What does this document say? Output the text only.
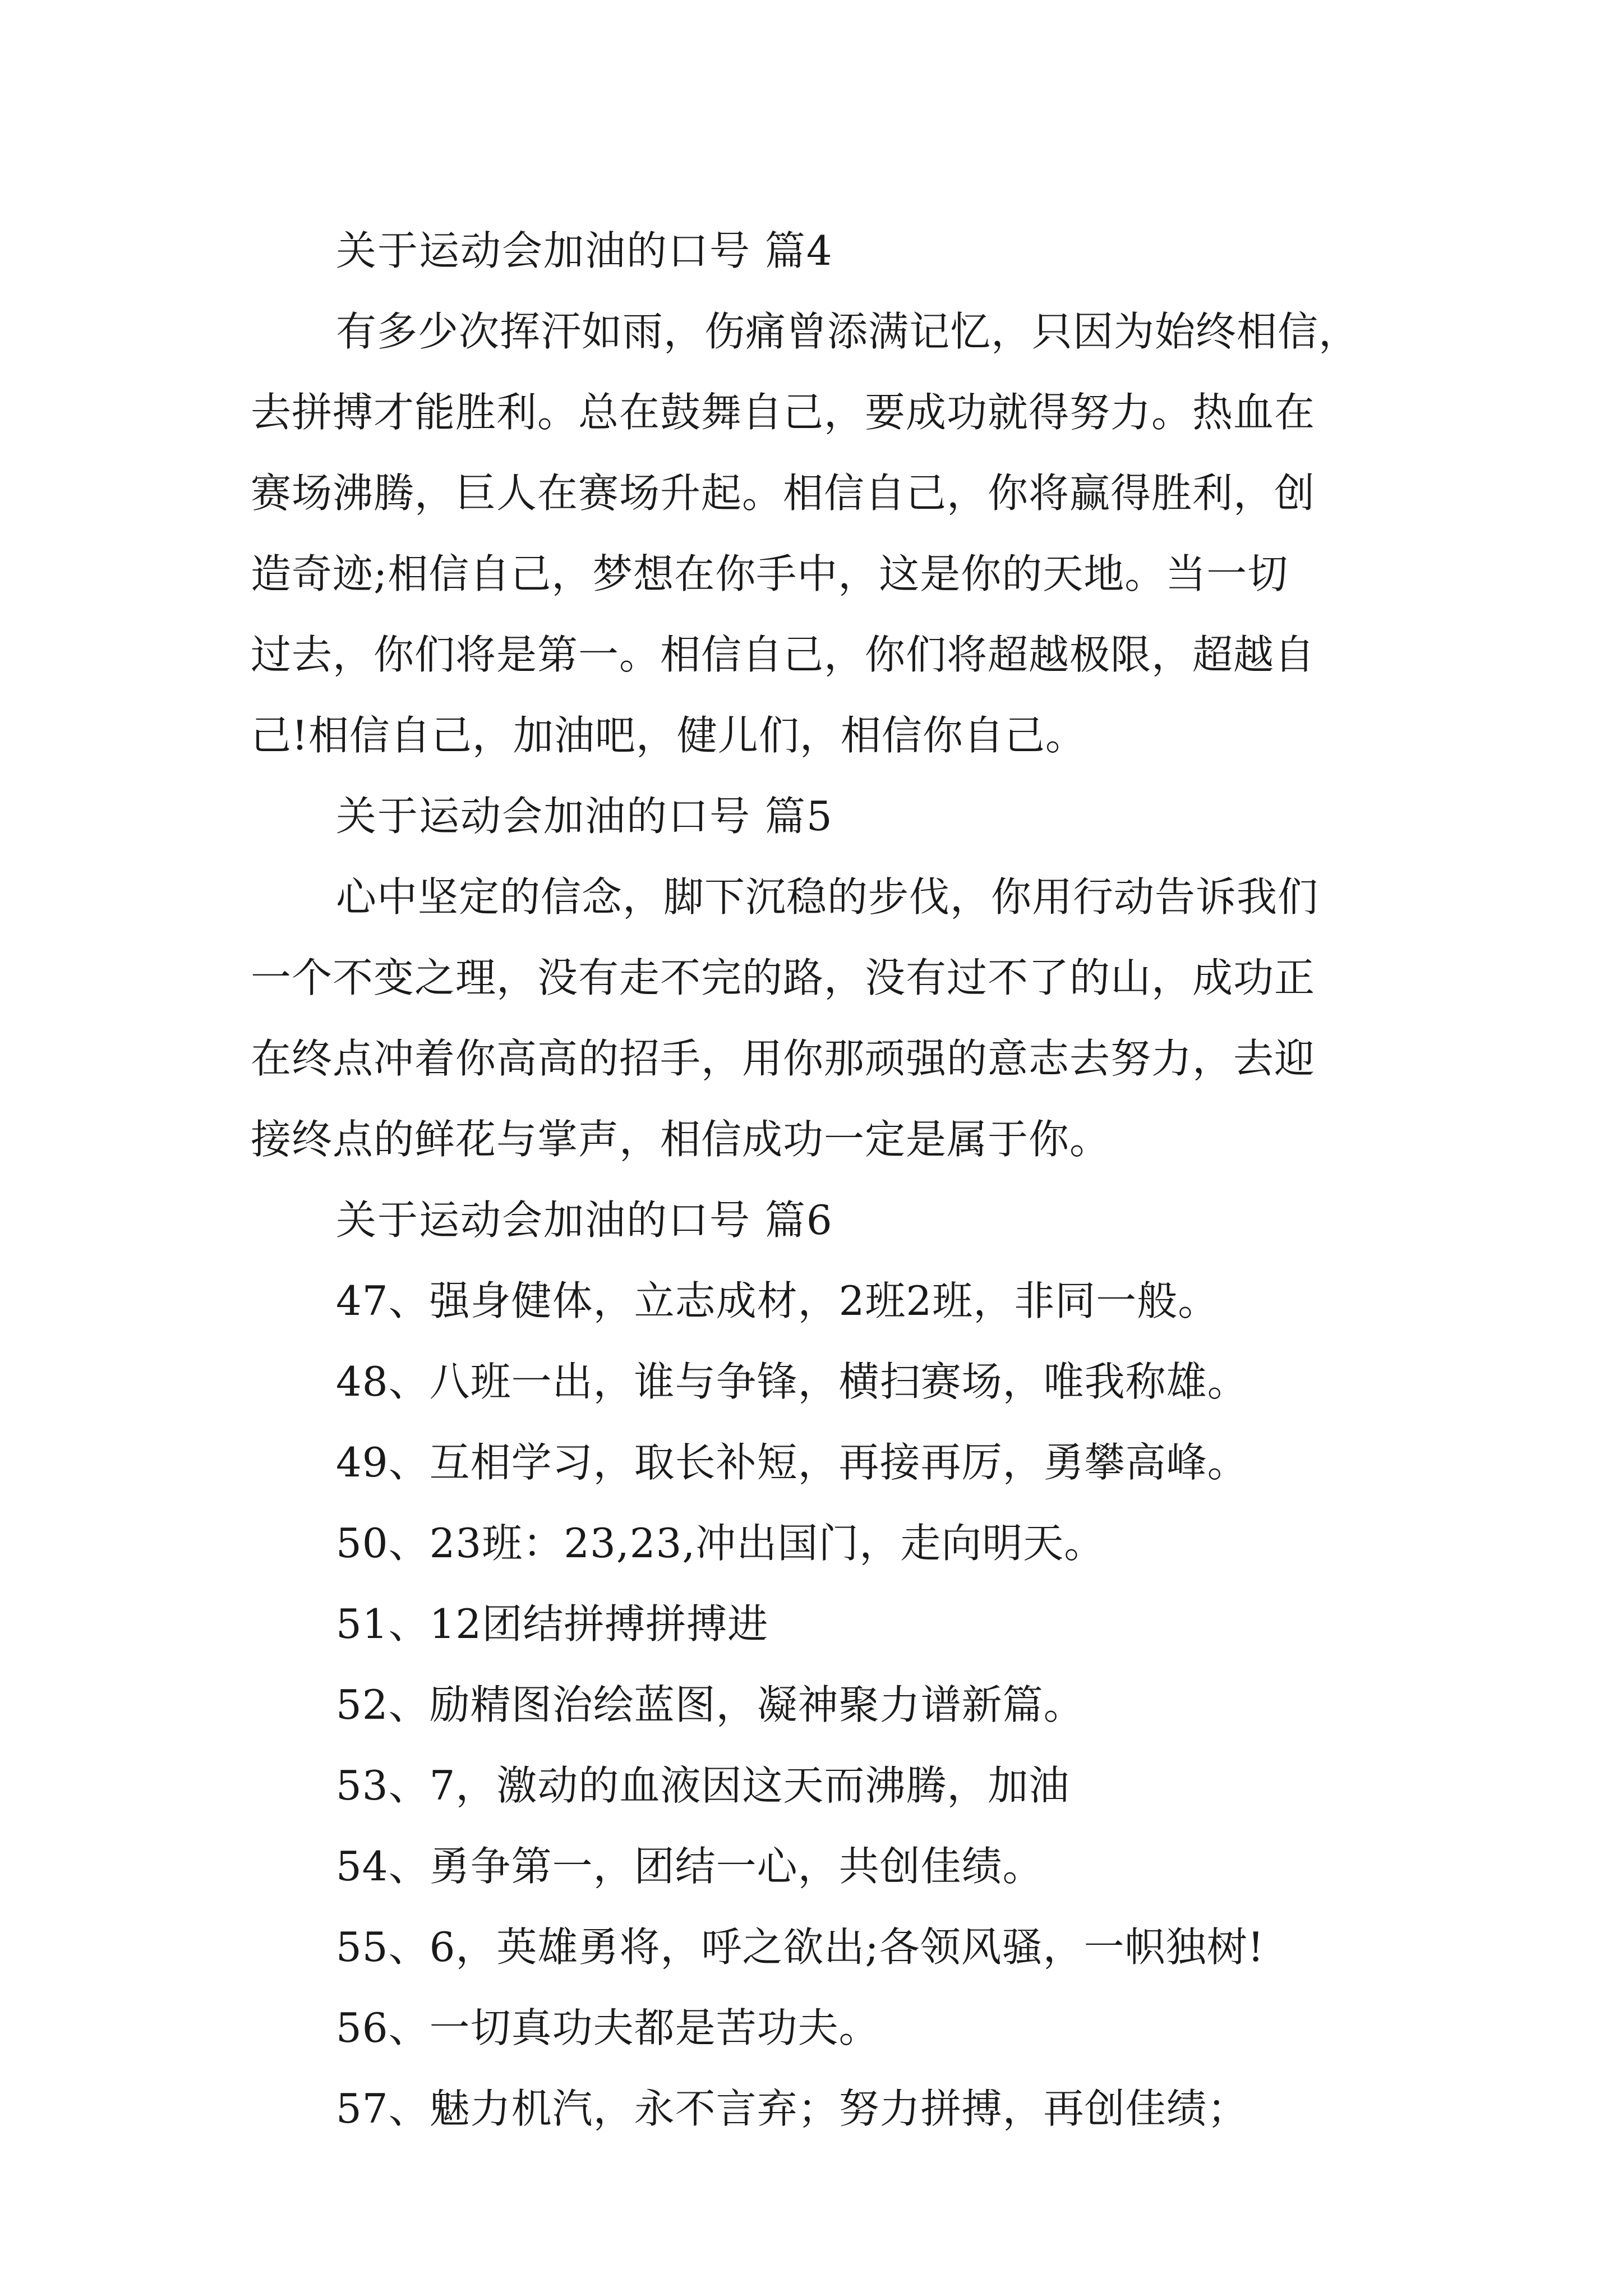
关于运动会加油的口号 篇4
有多少次挥汗如雨，伤痛曾添满记忆，只因为始终相信，
去拼搏才能胜利。总在鼓舞自己，要成功就得努力。热血在
赛场沸腾，巨人在赛场升起。相信自己，你将赢得胜利，创
造奇迹;相信自己，梦想在你手中，这是你的天地。当一切
过去，你们将是第一。相信自己，你们将超越极限，超越自
己!相信自己，加油吧，健儿们，相信你自己。
关于运动会加油的口号 篇5
心中坚定的信念，脚下沉稳的步伐，你用行动告诉我们
一个不变之理，没有走不完的路，没有过不了的山，成功正
在终点冲着你高高的招手，用你那顽强的意志去努力，去迎
接终点的鲜花与掌声，相信成功一定是属于你。
关于运动会加油的口号 篇6
47、强身健体，立志成材，2班2班，非同一般。
48、八班一出，谁与争锋，横扫赛场，唯我称雄。
49、互相学习，取长补短，再接再厉，勇攀高峰。
50、23班：23,23,冲出国门，走向明天。
51、12团结拼搏拼搏进
52、励精图治绘蓝图，凝神聚力谱新篇。
53、7，激动的血液因这天而沸腾，加油
54、勇争第一，团结一心，共创佳绩。
55、6，英雄勇将，呼之欲出;各领风骚，一帜独树!
56、一切真功夫都是苦功夫。
57、魅力机汽，永不言弃；努力拼搏，再创佳绩；
